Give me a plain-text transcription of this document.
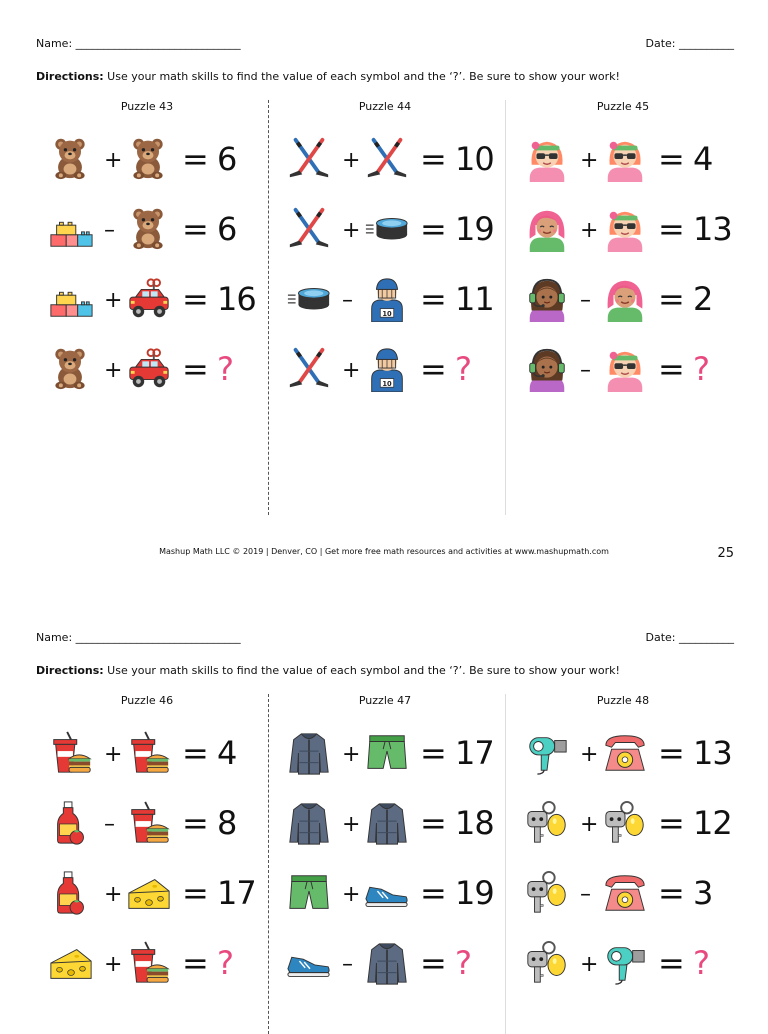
Name: ______________________________	Date: __________
Directions: Use your math skills to find the value of each symbol and the ‘?’. Be sure to show your work!
Puzzle 43
+ = 6
– = 6
+ = 16
+ = ?
Puzzle 44
+ = 10
+ = 19
–
10 = 11
+
10 = ?
Puzzle 45
+ = 4
+ = 13
– = 2
– = ?
Mashup Math LLC © 2019 | Denver, CO | Get more free math resources and activities at www.mashupmath.com	25
Name: ______________________________	Date: __________
Directions: Use your math skills to find the value of each symbol and the ‘?’. Be sure to show your work!
Puzzle 46
+ = 4
– = 8
+ = 17
+ = ?
Puzzle 47
+ = 17
+ = 18
+ = 19
– = ?
Puzzle 48
+ = 13
+ = 12
– = 3
+ = ?
